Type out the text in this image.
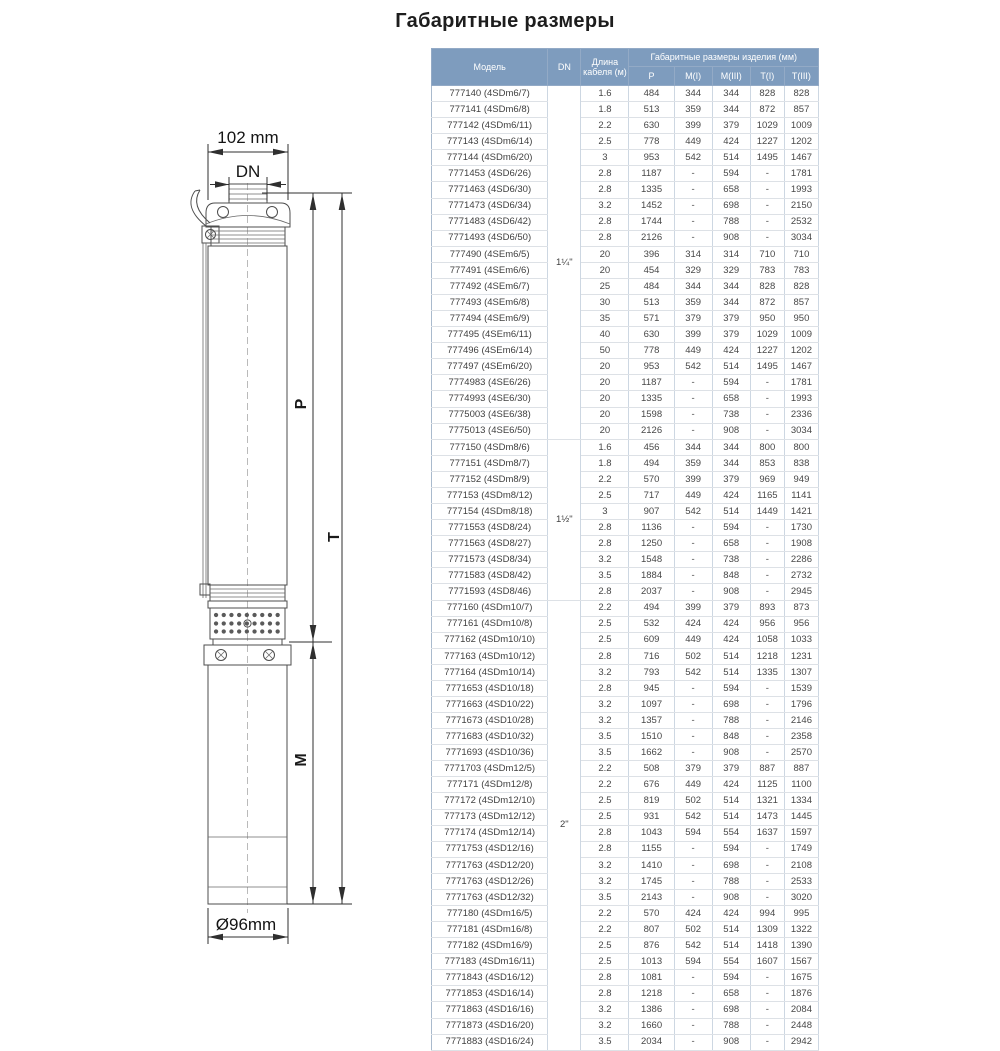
Габаритные размеры
102 mm
DN
P
M
T
Ø96mm
Модель	DN	Длина кабеля (м)	Габаритные размеры изделия (мм)				
			P	M(I)	M(III)	T(I)	T(III)
777140 (4SDm6/7)	1¼"	1.6	484	344	344	828	828
777141 (4SDm6/8)		1.8	513	359	344	872	857
777142 (4SDm6/11)		2.2	630	399	379	1029	1009
777143 (4SDm6/14)		2.5	778	449	424	1227	1202
777144 (4SDm6/20)		3	953	542	514	1495	1467
7771453 (4SD6/26)		2.8	1187	-	594	-	1781
7771463 (4SD6/30)		2.8	1335	-	658	-	1993
7771473 (4SD6/34)		3.2	1452	-	698	-	2150
7771483 (4SD6/42)		2.8	1744	-	788	-	2532
7771493 (4SD6/50)		2.8	2126	-	908	-	3034
777490 (4SEm6/5)		20	396	314	314	710	710
777491 (4SEm6/6)		20	454	329	329	783	783
777492 (4SEm6/7)		25	484	344	344	828	828
777493 (4SEm6/8)		30	513	359	344	872	857
777494 (4SEm6/9)		35	571	379	379	950	950
777495 (4SEm6/11)		40	630	399	379	1029	1009
777496 (4SEm6/14)		50	778	449	424	1227	1202
777497 (4SEm6/20)		20	953	542	514	1495	1467
7774983 (4SE6/26)		20	1187	-	594	-	1781
7774993 (4SE6/30)		20	1335	-	658	-	1993
7775003 (4SE6/38)		20	1598	-	738	-	2336
7775013 (4SE6/50)		20	2126	-	908	-	3034
777150 (4SDm8/6)	1½"	1.6	456	344	344	800	800
777151 (4SDm8/7)		1.8	494	359	344	853	838
777152 (4SDm8/9)		2.2	570	399	379	969	949
777153 (4SDm8/12)		2.5	717	449	424	1165	1141
777154 (4SDm8/18)		3	907	542	514	1449	1421
7771553 (4SD8/24)		2.8	1136	-	594	-	1730
7771563 (4SD8/27)		2.8	1250	-	658	-	1908
7771573 (4SD8/34)		3.2	1548	-	738	-	2286
7771583 (4SD8/42)		3.5	1884	-	848	-	2732
7771593 (4SD8/46)		2.8	2037	-	908	-	2945
777160 (4SDm10/7)	2"	2.2	494	399	379	893	873
777161 (4SDm10/8)		2.5	532	424	424	956	956
777162 (4SDm10/10)		2.5	609	449	424	1058	1033
777163 (4SDm10/12)		2.8	716	502	514	1218	1231
777164 (4SDm10/14)		3.2	793	542	514	1335	1307
7771653 (4SD10/18)		2.8	945	-	594	-	1539
7771663 (4SD10/22)		3.2	1097	-	698	-	1796
7771673 (4SD10/28)		3.2	1357	-	788	-	2146
7771683 (4SD10/32)		3.5	1510	-	848	-	2358
7771693 (4SD10/36)		3.5	1662	-	908	-	2570
7771703 (4SDm12/5)		2.2	508	379	379	887	887
777171 (4SDm12/8)		2.2	676	449	424	1125	1100
777172 (4SDm12/10)		2.5	819	502	514	1321	1334
777173 (4SDm12/12)		2.5	931	542	514	1473	1445
777174 (4SDm12/14)		2.8	1043	594	554	1637	1597
7771753 (4SD12/16)		2.8	1155	-	594	-	1749
7771763 (4SD12/20)		3.2	1410	-	698	-	2108
7771763 (4SD12/26)		3.2	1745	-	788	-	2533
7771763 (4SD12/32)		3.5	2143	-	908	-	3020
777180 (4SDm16/5)		2.2	570	424	424	994	995
777181 (4SDm16/8)		2.2	807	502	514	1309	1322
777182 (4SDm16/9)		2.5	876	542	514	1418	1390
777183 (4SDm16/11)		2.5	1013	594	554	1607	1567
7771843 (4SD16/12)		2.8	1081	-	594	-	1675
7771853 (4SD16/14)		2.8	1218	-	658	-	1876
7771863 (4SD16/16)		3.2	1386	-	698	-	2084
7771873 (4SD16/20)		3.2	1660	-	788	-	2448
7771883 (4SD16/24)		3.5	2034	-	908	-	2942
